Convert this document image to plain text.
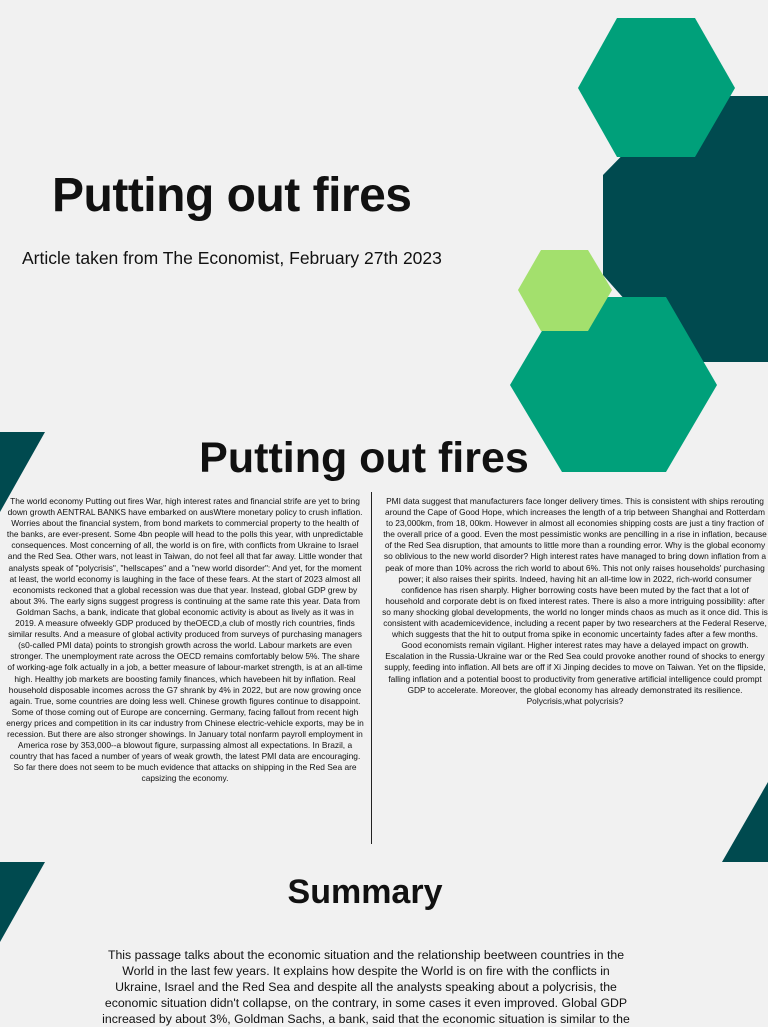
Putting out fires

Article taken from The Economist, February 27th 2023

Putting out fires

The world economy Putting out fires War, high interest rates and financial strife are yet to bring down growth AENTRAL BANKS have embarked on ausWtere monetary policy to crush inflation. Worries about the financial system, from bond markets to commercial property to the health of the banks, are ever-present. Some 4bn people will head to the polls this year, with unpredictable consequences. Most concerning of all, the world is on fire, with conflicts from Ukraine to Israel and the Red Sea. Other wars, not least in Taiwan, do not feel all that far away. Little wonder that analysts speak of "polycrisis", "hellscapes" and a "new world disorder": And yet, for the moment at least, the world economy is laughing in the face of these fears. At the start of 2023 almost all economists reckoned that a global recession was due that year. Instead, global GDP grew by about 3%. The early signs suggest progress is continuing at the same rate this year. Data from Goldman Sachs, a bank, indicate that global economic activity is about as lively as it was in 2019. A measure ofweekly GDP produced by theOECD,a club of mostly rich countries, finds similar results. And a measure of global activity produced from surveys of purchasing managers (s0-called PMI data) points to strongish growth across the world. Labour markets are even stronger. The unemployment rate across the OECD remains comfortably below 5%. The share of working-age folk actually in a job, a better measure of labour-market strength, is at an all-time high. Healthy job markets are boosting family finances, which havebeen hit by inflation. Real household disposable incomes across the G7 shrank by 4% in 2022, but are now growing once again. True, some countries are doing less well. Chinese growth figures continue to disappoint. Some of those coming out of Europe are concerning. Germany, facing fallout from recent high energy prices and competition in its car industry from Chinese electric-vehicle exports, may be in recession. But there are also stronger showings. In January total nonfarm payroll employment in America rose by 353,000--a blowout figure, surpassing almost all expectations. In Brazil, a country that has faced a number of years of weak growth, the latest PMI data are encouraging. So far there does not seem to be much evidence that attacks on shipping in the Red Sea are capsizing the economy.

PMI data suggest that manufacturers face longer delivery times. This is consistent with ships rerouting around the Cape of Good Hope, which increases the length of a trip between Shanghai and Rotterdam to 23,000km, from 18, 00km. However in almost all economies shipping costs are just a tiny fraction of the overall price of a good. Even the most pessimistic wonks are pencilling in a rise in inflation, because of the Red Sea disruption, that amounts to little more than a rounding error. Why is the global economy so oblivious to the new world disorder? High interest rates have managed to bring down inflation from a peak of more than 10% across the rich world to about 6%. This not only raises households' purchasing power; it also raises their spirits. Indeed, having hit an all-time low in 2022, rich-world consumer confidence has risen sharply. Higher borrowing costs have been muted by the fact that a lot of household and corporate debt is on fixed interest rates. There is also a more intriguing possibility: after so many shocking global developments, the world no longer minds chaos as much as it once did. This is consistent with academicevidence, including a recent paper by two researchers at the Federal Reserve, which suggests that the hit to output froma spike in economic uncertainty fades after a few months. Good economists remain vigilant. Higher interest rates may have a delayed impact on growth. Escalation in the Russia-Ukraine war or the Red Sea could provoke another round of shocks to energy supply, feeding into inflation. All bets are off if Xi Jinping decides to move on Taiwan. Yet on the flipside, falling inflation and a potential boost to productivity from generative artificial intelligence could prompt GDP to accelerate. Moreover, the global economy has already demonstrated its resilience. Polycrisis,what polycrisis?

Summary

This passage talks about the economic situation and the relationship beetween countries in the World in the last few years. It explains how despite the World is on fire with the conflicts in Ukraine, Israel and the Red Sea and despite all the analysts speaking about a polycrisis, the economic situation didn't collapse, on the contrary, in some cases it even improved. Global GDP increased by about 3%, Goldman Sachs, a bank, said that the economic situation is similar to the
